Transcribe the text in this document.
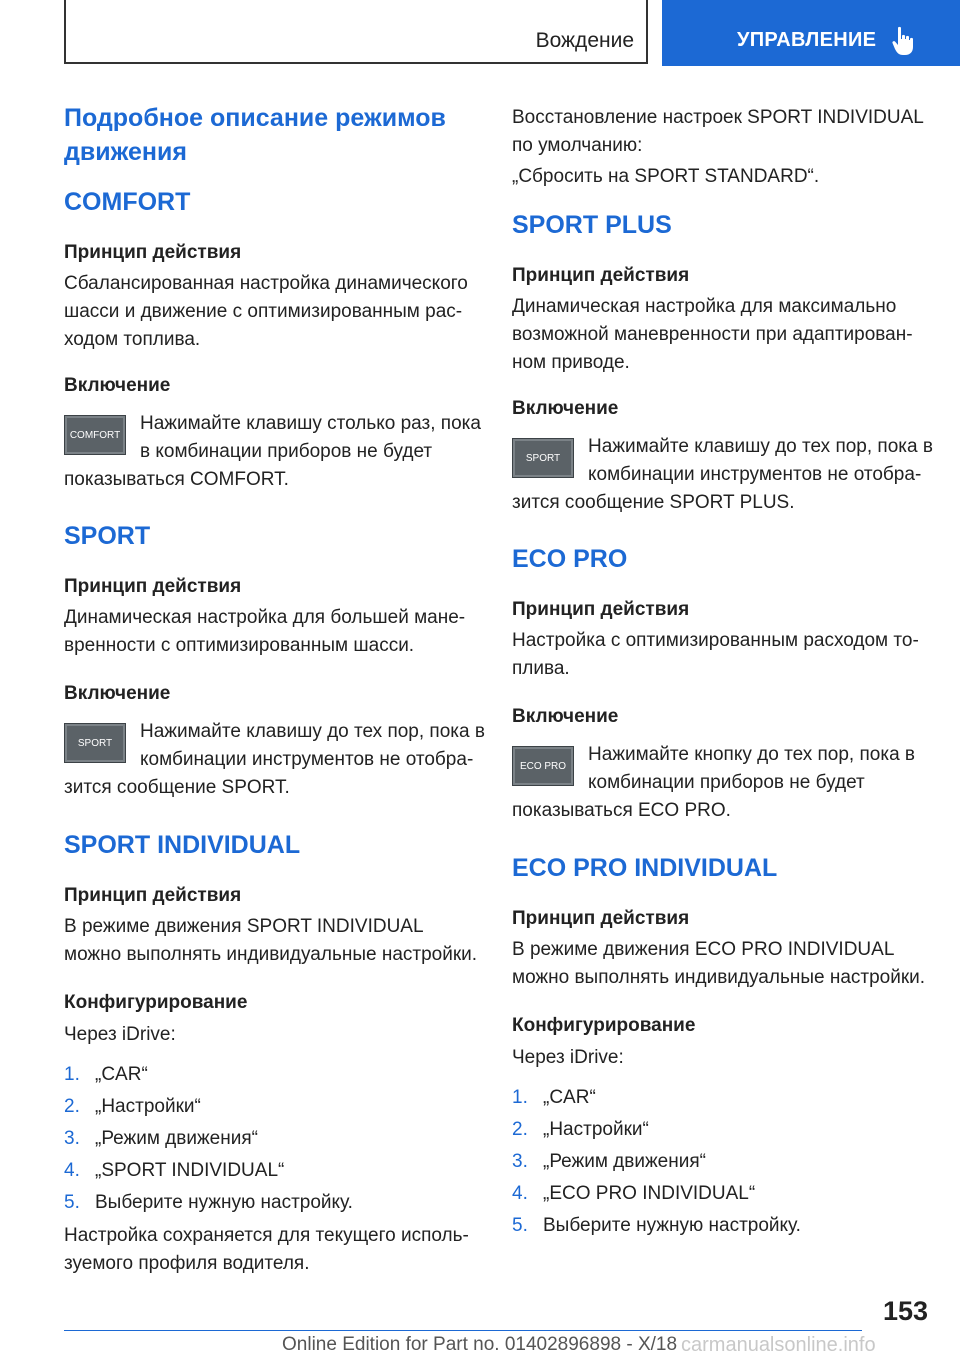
Вождение	УПРАВЛЕНИЕ

Подробное описание режимов

движения

COMFORT

Принцип действия

Сбалансированная настройка динамического

шасси и движение с оптимизированным рас-

ходом топлива.

Включение

COMFORT

Нажимайте клавишу столько раз, пока

в комбинации приборов не будет

показываться COMFORT.

SPORT

Принцип действия

Динамическая настройка для большей мане-

вренности с оптимизированным шасси.

Включение

SPORT

Нажимайте клавишу до тех пор, пока в

комбинации инструментов не отобра-

зится сообщение SPORT.

SPORT INDIVIDUAL

Принцип действия

В режиме движения SPORT INDIVIDUAL

можно выполнять индивидуальные настройки.

Конфигурирование

Через iDrive:

1. „CAR“
2. „Настройки“
3. „Режим движения“
4. „SPORT INDIVIDUAL“
5. Выберите нужную настройку.

Настройка сохраняется для текущего исполь-

зуемого профиля водителя.

Восстановление настроек SPORT INDIVIDUAL

по умолчанию:

„Сбросить на SPORT STANDARD“.

SPORT PLUS

Принцип действия

Динамическая настройка для максимально

возможной маневренности при адаптирован-

ном приводе.

Включение

SPORT

Нажимайте клавишу до тех пор, пока в

комбинации инструментов не отобра-

зится сообщение SPORT PLUS.

ECO PRO

Принцип действия

Настройка с оптимизированным расходом то-

плива.

Включение

ECO PRO

Нажимайте кнопку до тех пор, пока в

комбинации приборов не будет

показываться ECO PRO.

ECO PRO INDIVIDUAL

Принцип действия

В режиме движения ECO PRO INDIVIDUAL

можно выполнять индивидуальные настройки.

Конфигурирование

Через iDrive:

1. „CAR“
2. „Настройки“
3. „Режим движения“
4. „ECO PRO INDIVIDUAL“
5. Выберите нужную настройку.
153
Online Edition for Part no. 01402896898 - X/18 carmanualsonline.info
